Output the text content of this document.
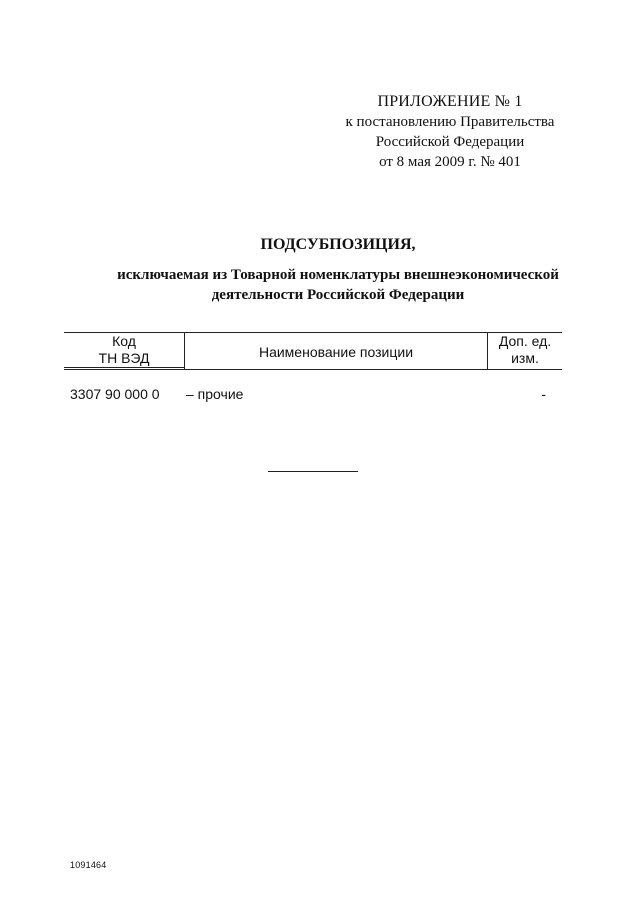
ПРИЛОЖЕНИЕ № 1
к постановлению Правительства
Российской Федерации
от 8 мая 2009 г. № 401
ПОДСУБПОЗИЦИЯ,
исключаемая из Товарной номенклатуры внешнеэкономической
деятельности Российской Федерации
Код
ТН ВЭД	Наименование позиции
Доп. ед.
изм.
3307 90 000 0 – прочие	-
1091464
